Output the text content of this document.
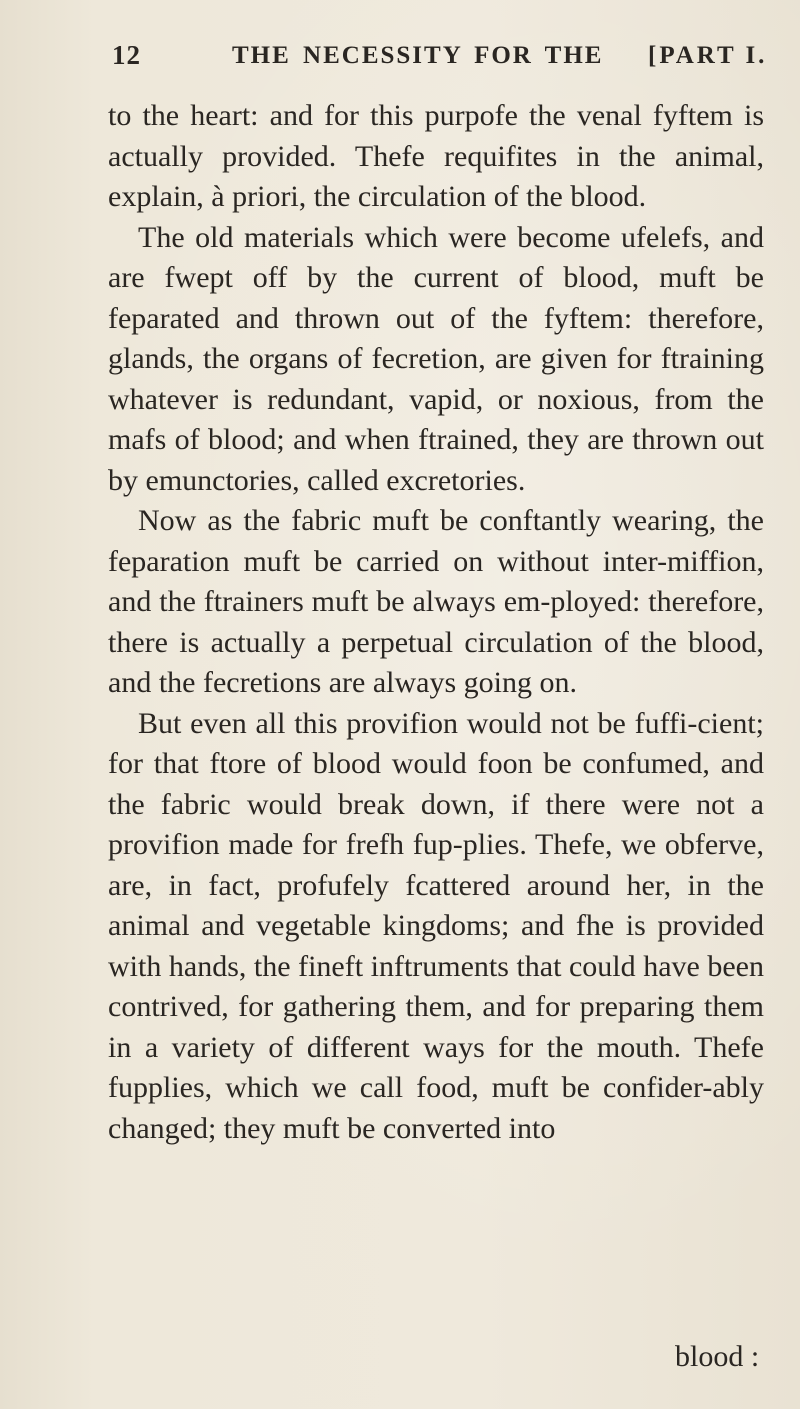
12	THE NECESSITY FOR THE [PART I.

to the heart: and for this purpofe the venal fyftem is actually provided. Thefe requifites in the animal, explain, à priori, the circulation of the blood.

The old materials which were become ufelefs, and are fwept off by the current of blood, muft be feparated and thrown out of the fyftem: therefore, glands, the organs of fecretion, are given for ftraining whatever is redundant, vapid, or noxious, from the mafs of blood; and when ftrained, they are thrown out by emunctories, called excretories.

Now as the fabric muft be conftantly wearing, the feparation muft be carried on without inter-miffion, and the ftrainers muft be always em-ployed: therefore, there is actually a perpetual circulation of the blood, and the fecretions are always going on.

But even all this provifion would not be fuffi-cient; for that ftore of blood would foon be confumed, and the fabric would break down, if there were not a provifion made for frefh fup-plies. Thefe, we obferve, are, in fact, profufely fcattered around her, in the animal and vegetable kingdoms; and fhe is provided with hands, the fineft inftruments that could have been contrived, for gathering them, and for preparing them in a variety of different ways for the mouth. Thefe fupplies, which we call food, muft be confider-ably changed; they muft be converted into

blood :
